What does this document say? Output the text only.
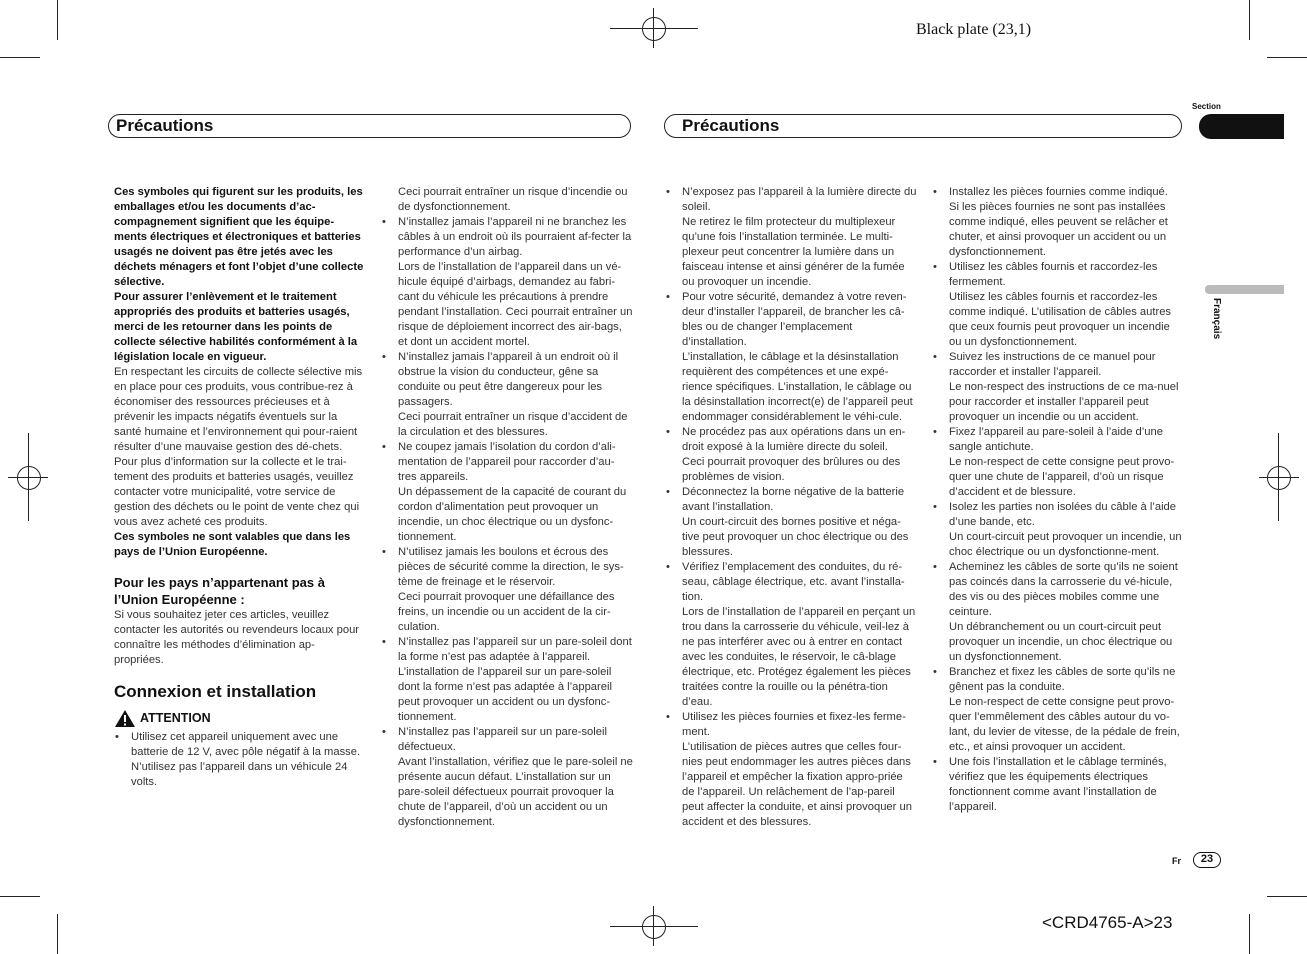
Black plate (23,1)
Section
Français
Précautions	Précautions

Ces symboles qui figurent sur les produits, les emballages et/ou les documents d’ac-compagnement signifient que les équipe-ments électriques et électroniques et batteries usagés ne doivent pas être jetés avec les déchets ménagers et font l’objet d’une collecte sélective.

Pour assurer l’enlèvement et le traitement appropriés des produits et batteries usagés, merci de les retourner dans les points de collecte sélective habilités conformément à la législation locale en vigueur.

En respectant les circuits de collecte sélective mis en place pour ces produits, vous contribue-rez à économiser des ressources précieuses et à prévenir les impacts négatifs éventuels sur la santé humaine et l’environnement qui pour-raient résulter d’une mauvaise gestion des dé-chets.

Pour plus d’information sur la collecte et le trai-tement des produits et batteries usagés, veuillez contacter votre municipalité, votre service de gestion des déchets ou le point de vente chez qui vous avez acheté ces produits.

Ces symboles ne sont valables que dans les pays de l’Union Européenne.

Pour les pays n’appartenant pas à l’Union Européenne :

Si vous souhaitez jeter ces articles, veuillez contacter les autorités ou revendeurs locaux pour connaître les méthodes d’élimination ap-propriées.

Connexion et installation
ATTENTION
• Utilisez cet appareil uniquement avec une batterie de 12 V, avec pôle négatif à la masse. N’utilisez pas l’appareil dans un véhicule 24 volts.

Ceci pourrait entraîner un risque d’incendie ou de dysfonctionnement.

• N’installez jamais l’appareil ni ne branchez les câbles à un endroit où ils pourraient af-fecter la performance d’un airbag.
Lors de l’installation de l’appareil dans un vé-hicule équipé d’airbags, demandez au fabri-cant du véhicule les précautions à prendre pendant l’installation. Ceci pourrait entraîner un risque de déploiement incorrect des air-bags, et dont un accident mortel.
• N’installez jamais l’appareil à un endroit où il obstrue la vision du conducteur, gêne sa conduite ou peut être dangereux pour les passagers.
Ceci pourrait entraîner un risque d’accident de la circulation et des blessures.
• Ne coupez jamais l’isolation du cordon d’ali-mentation de l’appareil pour raccorder d’au-tres appareils.
Un dépassement de la capacité de courant du cordon d’alimentation peut provoquer un incendie, un choc électrique ou un dysfonc-tionnement.
• N’utilisez jamais les boulons et écrous des pièces de sécurité comme la direction, le sys-tème de freinage et le réservoir.
Ceci pourrait provoquer une défaillance des freins, un incendie ou un accident de la cir-culation.
• N’installez pas l’appareil sur un pare-soleil dont la forme n’est pas adaptée à l’appareil.
L’installation de l’appareil sur un pare-soleil dont la forme n’est pas adaptée à l’appareil peut provoquer un accident ou un dysfonc-tionnement.
• N’installez pas l’appareil sur un pare-soleil défectueux.
Avant l’installation, vérifiez que le pare-soleil ne présente aucun défaut. L’installation sur un pare-soleil défectueux pourrait provoquer la chute de l’appareil, d’où un accident ou un dysfonctionnement.
• N’exposez pas l’appareil à la lumière directe du soleil.
Ne retirez le film protecteur du multiplexeur qu’une fois l’installation terminée. Le multi-plexeur peut concentrer la lumière dans un faisceau intense et ainsi générer de la fumée ou provoquer un incendie.
• Pour votre sécurité, demandez à votre reven-deur d’installer l’appareil, de brancher les câ-bles ou de changer l’emplacement d’installation.
L’installation, le câblage et la désinstallation requièrent des compétences et une expé-rience spécifiques. L’installation, le câblage ou la désinstallation incorrect(e) de l’appareil peut endommager considérablement le véhi-cule.
• Ne procédez pas aux opérations dans un en-droit exposé à la lumière directe du soleil.
Ceci pourrait provoquer des brûlures ou des problèmes de vision.
• Déconnectez la borne négative de la batterie avant l’installation.
Un court-circuit des bornes positive et néga-tive peut provoquer un choc électrique ou des blessures.
• Vérifiez l’emplacement des conduites, du ré-seau, câblage électrique, etc. avant l’installa-tion.
Lors de l’installation de l’appareil en perçant un trou dans la carrosserie du véhicule, veil-lez à ne pas interférer avec ou à entrer en contact avec les conduites, le réservoir, le câ-blage électrique, etc. Protégez également les pièces traitées contre la rouille ou la pénétra-tion d’eau.
• Utilisez les pièces fournies et fixez-les ferme-ment.
L’utilisation de pièces autres que celles four-nies peut endommager les autres pièces dans l’appareil et empêcher la fixation appro-priée de l’appareil. Un relâchement de l’ap-pareil peut affecter la conduite, et ainsi provoquer un accident et des blessures.
• Installez les pièces fournies comme indiqué.
Si les pièces fournies ne sont pas installées comme indiqué, elles peuvent se relâcher et chuter, et ainsi provoquer un accident ou un dysfonctionnement.
• Utilisez les câbles fournis et raccordez-les fermement.
Utilisez les câbles fournis et raccordez-les comme indiqué. L’utilisation de câbles autres que ceux fournis peut provoquer un incendie ou un dysfonctionnement.
• Suivez les instructions de ce manuel pour raccorder et installer l’appareil.
Le non-respect des instructions de ce ma-nuel pour raccorder et installer l’appareil peut provoquer un incendie ou un accident.
• Fixez l’appareil au pare-soleil à l’aide d’une sangle antichute.
Le non-respect de cette consigne peut provo-quer une chute de l’appareil, d’où un risque d’accident et de blessure.
• Isolez les parties non isolées du câble à l’aide d’une bande, etc.
Un court-circuit peut provoquer un incendie, un choc électrique ou un dysfonctionne-ment.
• Acheminez les câbles de sorte qu’ils ne soient pas coincés dans la carrosserie du vé-hicule, des vis ou des pièces mobiles comme une ceinture.
Un débranchement ou un court-circuit peut provoquer un incendie, un choc électrique ou un dysfonctionnement.
• Branchez et fixez les câbles de sorte qu’ils ne gênent pas la conduite.
Le non-respect de cette consigne peut provo-quer l’emmêlement des câbles autour du vo-lant, du levier de vitesse, de la pédale de frein, etc., et ainsi provoquer un accident.
• Une fois l’installation et le câblage terminés, vérifiez que les équipements électriques fonctionnent comme avant l’installation de l’appareil.
Fr	23
<CRD4765-A>23
